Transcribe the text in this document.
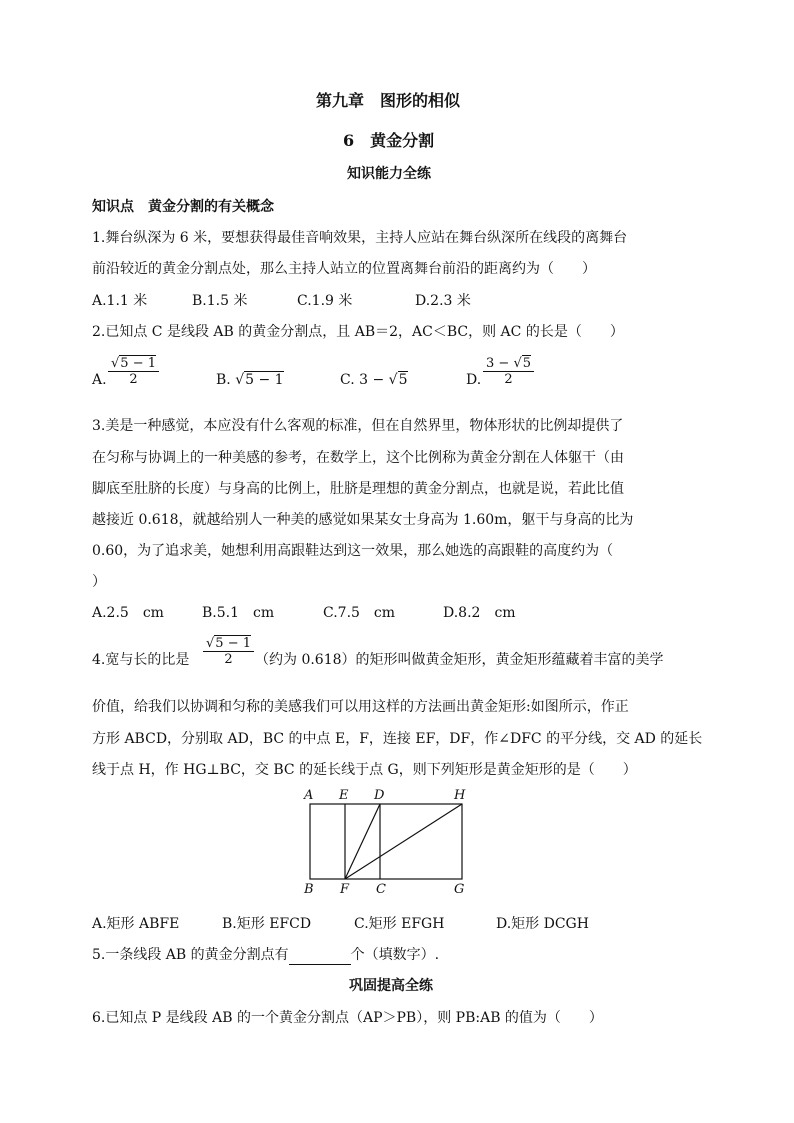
第九章　图形的相似
6　黄金分割
知识能力全练
知识点　黄金分割的有关概念
1.舞台纵深为 6 米，要想获得最佳音响效果，主持人应站在舞台纵深所在线段的离舞台
前沿较近的黄金分割点处，那么主持人站立的位置离舞台前沿的距离约为（　　）
A.1.1 米	B.1.5 米	C.1.9 米	D.2.3 米
2.已知点 C 是线段 AB 的黄金分割点，且 AB＝2，AC＜BC，则 AC 的长是（　　）
A. $\frac{√5 - 1}{2}$	B. √5 − 1	C. 3 − √5	D. $\frac{3 - √5}{2}$
3.美是一种感觉，本应没有什么客观的标准，但在自然界里，物体形状的比例却提供了
在匀称与协调上的一种美感的参考，在数学上，这个比例称为黄金分割在人体躯干（由
脚底至肚脐的长度）与身高的比例上，肚脐是理想的黄金分割点，也就是说，若此比值
越接近 0.618，就越给别人一种美的感觉如果某女士身高为 1.60m，躯干与身高的比为
0.60，为了追求美，她想利用高跟鞋达到这一效果，那么她选的高跟鞋的高度约为（
）
A.2.5　cm	B.5.1　cm	C.7.5　cm	D.8.2　cm
4.宽与长的比是 $\frac{√5 - 1}{2}$ （约为 0.618）的矩形叫做黄金矩形，黄金矩形蕴藏着丰富的美学
价值，给我们以协调和匀称的美感我们可以用这样的方法画出黄金矩形:如图所示，作正
方形 ABCD，分别取 AD，BC 的中点 E，F，连接 EF，DF，作∠DFC 的平分线，交 AD 的延长
线于点 H，作 HG⊥BC，交 BC 的延长线于点 G，则下列矩形是黄金矩形的是（　　）
A E D	H
B F C	G
A.矩形 ABFE	B.矩形 EFCD	C.矩形 EFGH	D.矩形 DCGH
5.一条线段 AB 的黄金分割点有	个（填数字）.
巩固提高全练
6.已知点 P 是线段 AB 的一个黄金分割点（AP＞PB），则 PB:AB 的值为（　　）
